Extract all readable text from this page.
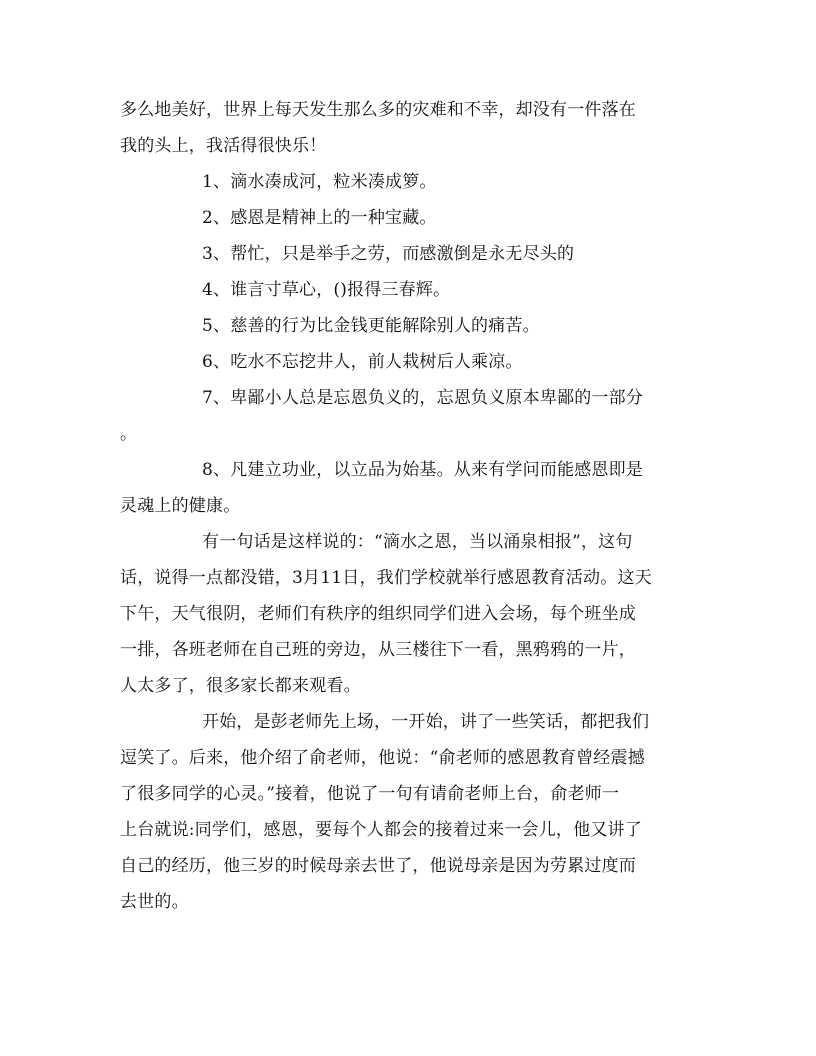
多么地美好，世界上每天发生那么多的灾难和不幸，却没有一件落在
我的头上，我活得很快乐！
1、滴水凑成河，粒米凑成箩。
2、感恩是精神上的一种宝藏。
3、帮忙，只是举手之劳，而感激倒是永无尽头的
4、谁言寸草心，()报得三春辉。
5、慈善的行为比金钱更能解除别人的痛苦。
6、吃水不忘挖井人，前人栽树后人乘凉。
7、卑鄙小人总是忘恩负义的，忘恩负义原本卑鄙的一部分
。
8、凡建立功业，以立品为始基。从来有学问而能感恩即是
灵魂上的健康。
有一句话是这样说的：“滴水之恩，当以涌泉相报”，这句
话，说得一点都没错，3月11日，我们学校就举行感恩教育活动。这天
下午，天气很阴，老师们有秩序的组织同学们进入会场，每个班坐成
一排，各班老师在自己班的旁边，从三楼往下一看，黑鸦鸦的一片，
人太多了，很多家长都来观看。
开始，是彭老师先上场，一开始，讲了一些笑话，都把我们
逗笑了。后来，他介绍了俞老师，他说：“俞老师的感恩教育曾经震撼
了很多同学的心灵。”接着，他说了一句有请俞老师上台，俞老师一
上台就说:同学们，感恩，要每个人都会的接着过来一会儿，他又讲了
自己的经历，他三岁的时候母亲去世了，他说母亲是因为劳累过度而
去世的。
